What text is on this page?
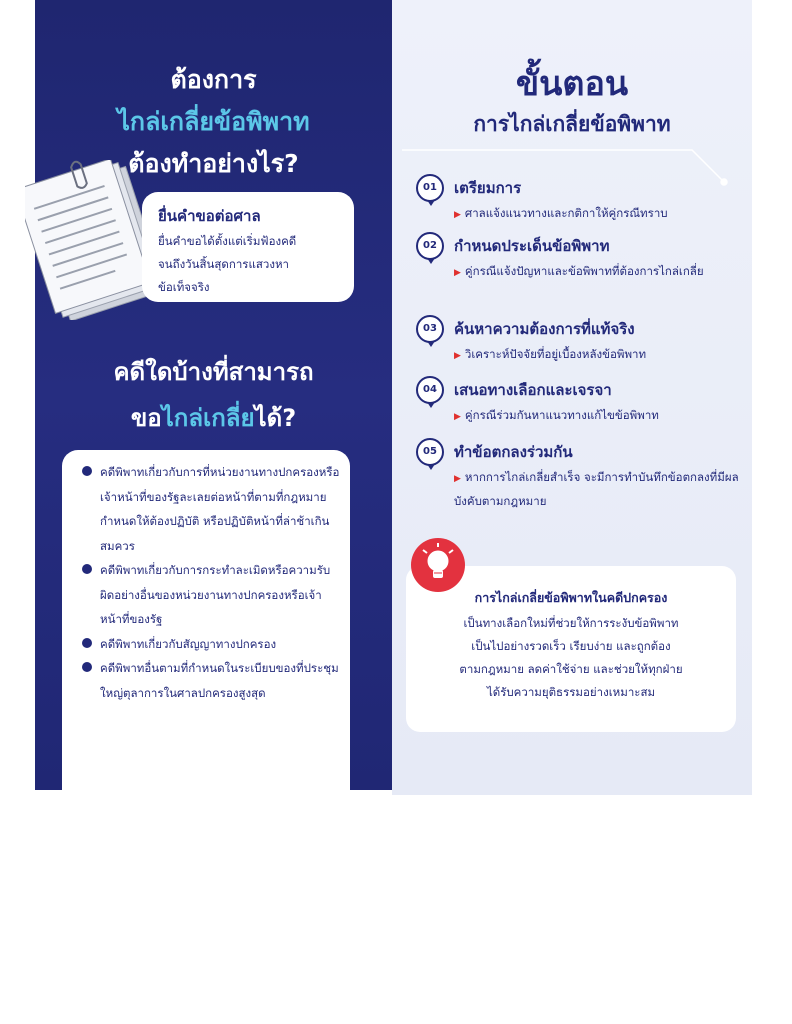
ต้องการ
ไกล่เกลี่ยข้อพิพาท
ต้องทำอย่างไร?
ยื่นคำขอต่อศาล
ยื่นคำขอได้ตั้งแต่เริ่มฟ้องคดี
จนถึงวันสิ้นสุดการแสวงหา
ข้อเท็จจริง
คดีใดบ้างที่สามารถ
ขอไกล่เกลี่ยได้?
คดีพิพาทเกี่ยวกับการที่หน่วยงานทางปกครองหรือเจ้าหน้าที่ของรัฐละเลยต่อหน้าที่ตามที่กฎหมายกำหนดให้ต้องปฏิบัติ หรือปฏิบัติหน้าที่ล่าช้าเกินสมควร
คดีพิพาทเกี่ยวกับการกระทำละเมิดหรือความรับผิดอย่างอื่นของหน่วยงานทางปกครองหรือเจ้าหน้าที่ของรัฐ
คดีพิพาทเกี่ยวกับสัญญาทางปกครอง
คดีพิพาทอื่นตามที่กำหนดในระเบียบของที่ประชุมใหญ่ตุลาการในศาลปกครองสูงสุด
ขั้นตอน
การไกล่เกลี่ยข้อพิพาท
01	เตรียมการ
▶ ศาลแจ้งแนวทางและกติกาให้คู่กรณีทราบ
02	กำหนดประเด็นข้อพิพาท
▶ คู่กรณีแจ้งปัญหาและข้อพิพาทที่ต้องการไกล่เกลี่ย
03	ค้นหาความต้องการที่แท้จริง
▶ วิเคราะห์ปัจจัยที่อยู่เบื้องหลังข้อพิพาท
04	เสนอทางเลือกและเจรจา
▶ คู่กรณีร่วมกันหาแนวทางแก้ไขข้อพิพาท
05	ทำข้อตกลงร่วมกัน
▶ หากการไกล่เกลี่ยสำเร็จ จะมีการทำบันทึกข้อตกลงที่มีผลบังคับตามกฎหมาย
การไกล่เกลี่ยข้อพิพาทในคดีปกครอง
เป็นทางเลือกใหม่ที่ช่วยให้การระงับข้อพิพาท
เป็นไปอย่างรวดเร็ว เรียบง่าย และถูกต้อง
ตามกฎหมาย ลดค่าใช้จ่าย และช่วยให้ทุกฝ่าย
ได้รับความยุติธรรมอย่างเหมาะสม
